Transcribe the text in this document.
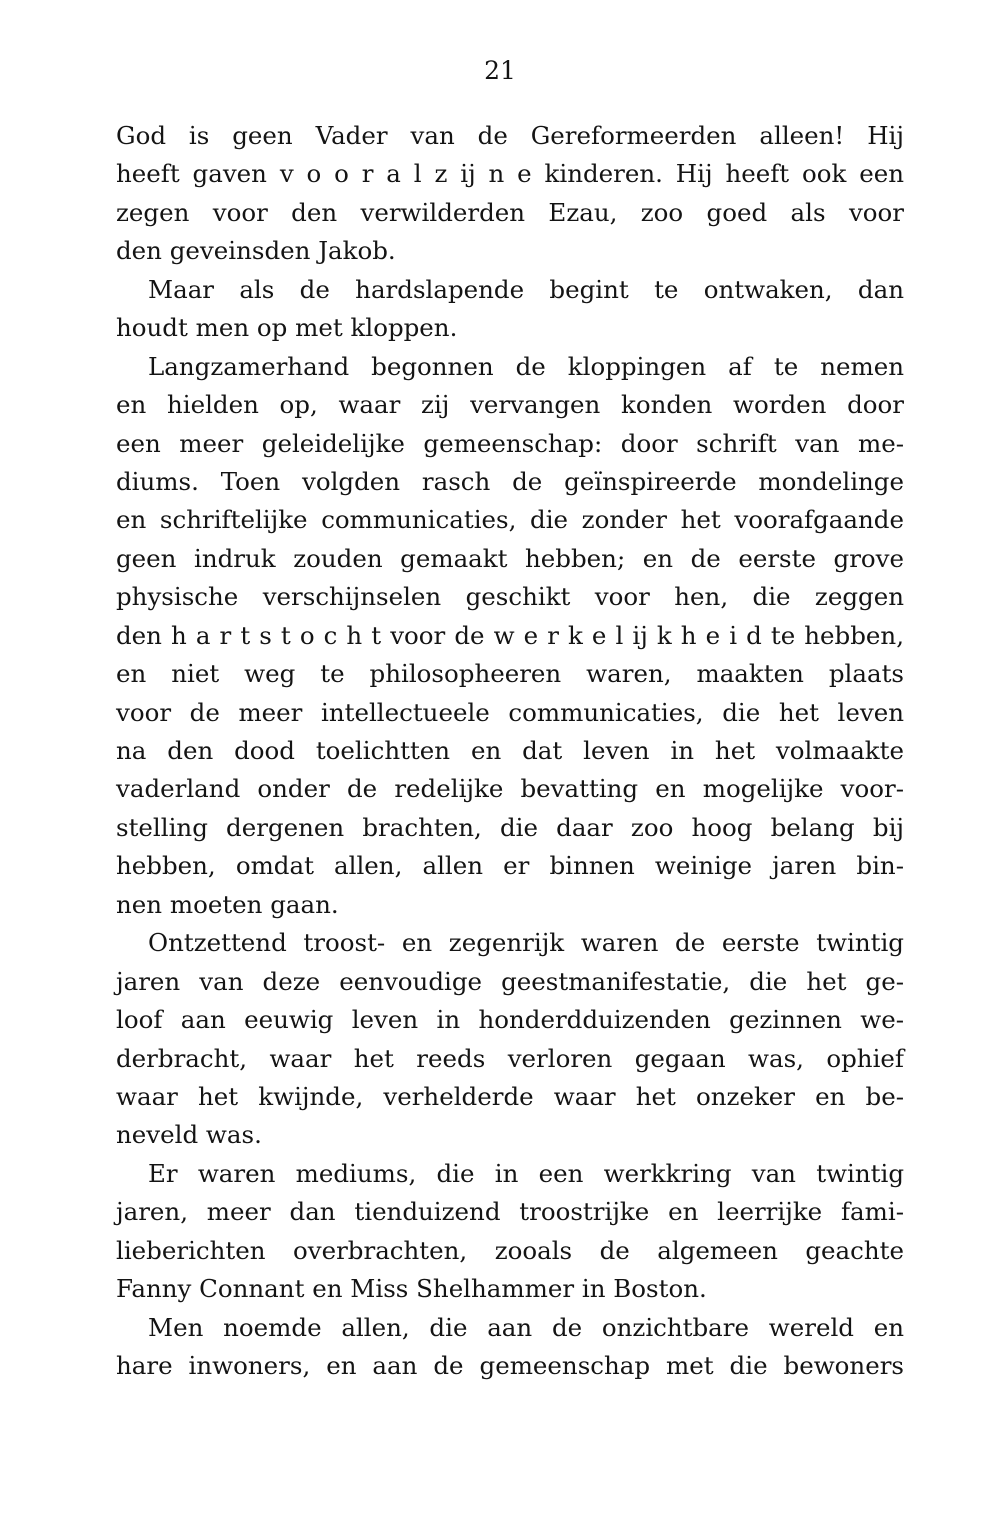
21
God is geen Vader van de Gereformeerden alleen! Hij
heeft gaven v o o r a l z ij n e kinderen. Hij heeft ook een
zegen voor den verwilderden Ezau, zoo goed als voor
den geveinsden Jakob.
Maar als de hardslapende begint te ontwaken, dan
houdt men op met kloppen.
Langzamerhand begonnen de kloppingen af te nemen
en hielden op, waar zij vervangen konden worden door
een meer geleidelijke gemeenschap: door schrift van me-
diums. Toen volgden rasch de geïnspireerde mondelinge
en schriftelijke communicaties, die zonder het voorafgaande
geen indruk zouden gemaakt hebben; en de eerste grove
physische verschijnselen geschikt voor hen, die zeggen
den h a r t s t o c h t voor de w e r k e l ij k h e i d te hebben,
en niet weg te philosopheeren waren, maakten plaats
voor de meer intellectueele communicaties, die het leven
na den dood toelichtten en dat leven in het volmaakte
vaderland onder de redelijke bevatting en mogelijke voor-
stelling dergenen brachten, die daar zoo hoog belang bij
hebben, omdat allen, allen er binnen weinige jaren bin-
nen moeten gaan.
Ontzettend troost- en zegenrijk waren de eerste twintig
jaren van deze eenvoudige geestmanifestatie, die het ge-
loof aan eeuwig leven in honderdduizenden gezinnen we-
derbracht, waar het reeds verloren gegaan was, ophief
waar het kwijnde, verhelderde waar het onzeker en be-
neveld was.
Er waren mediums, die in een werkkring van twintig
jaren, meer dan tienduizend troostrijke en leerrijke fami-
lieberichten overbrachten, zooals de algemeen geachte
Fanny Connant en Miss Shelhammer in Boston.
Men noemde allen, die aan de onzichtbare wereld en
hare inwoners, en aan de gemeenschap met die bewoners
